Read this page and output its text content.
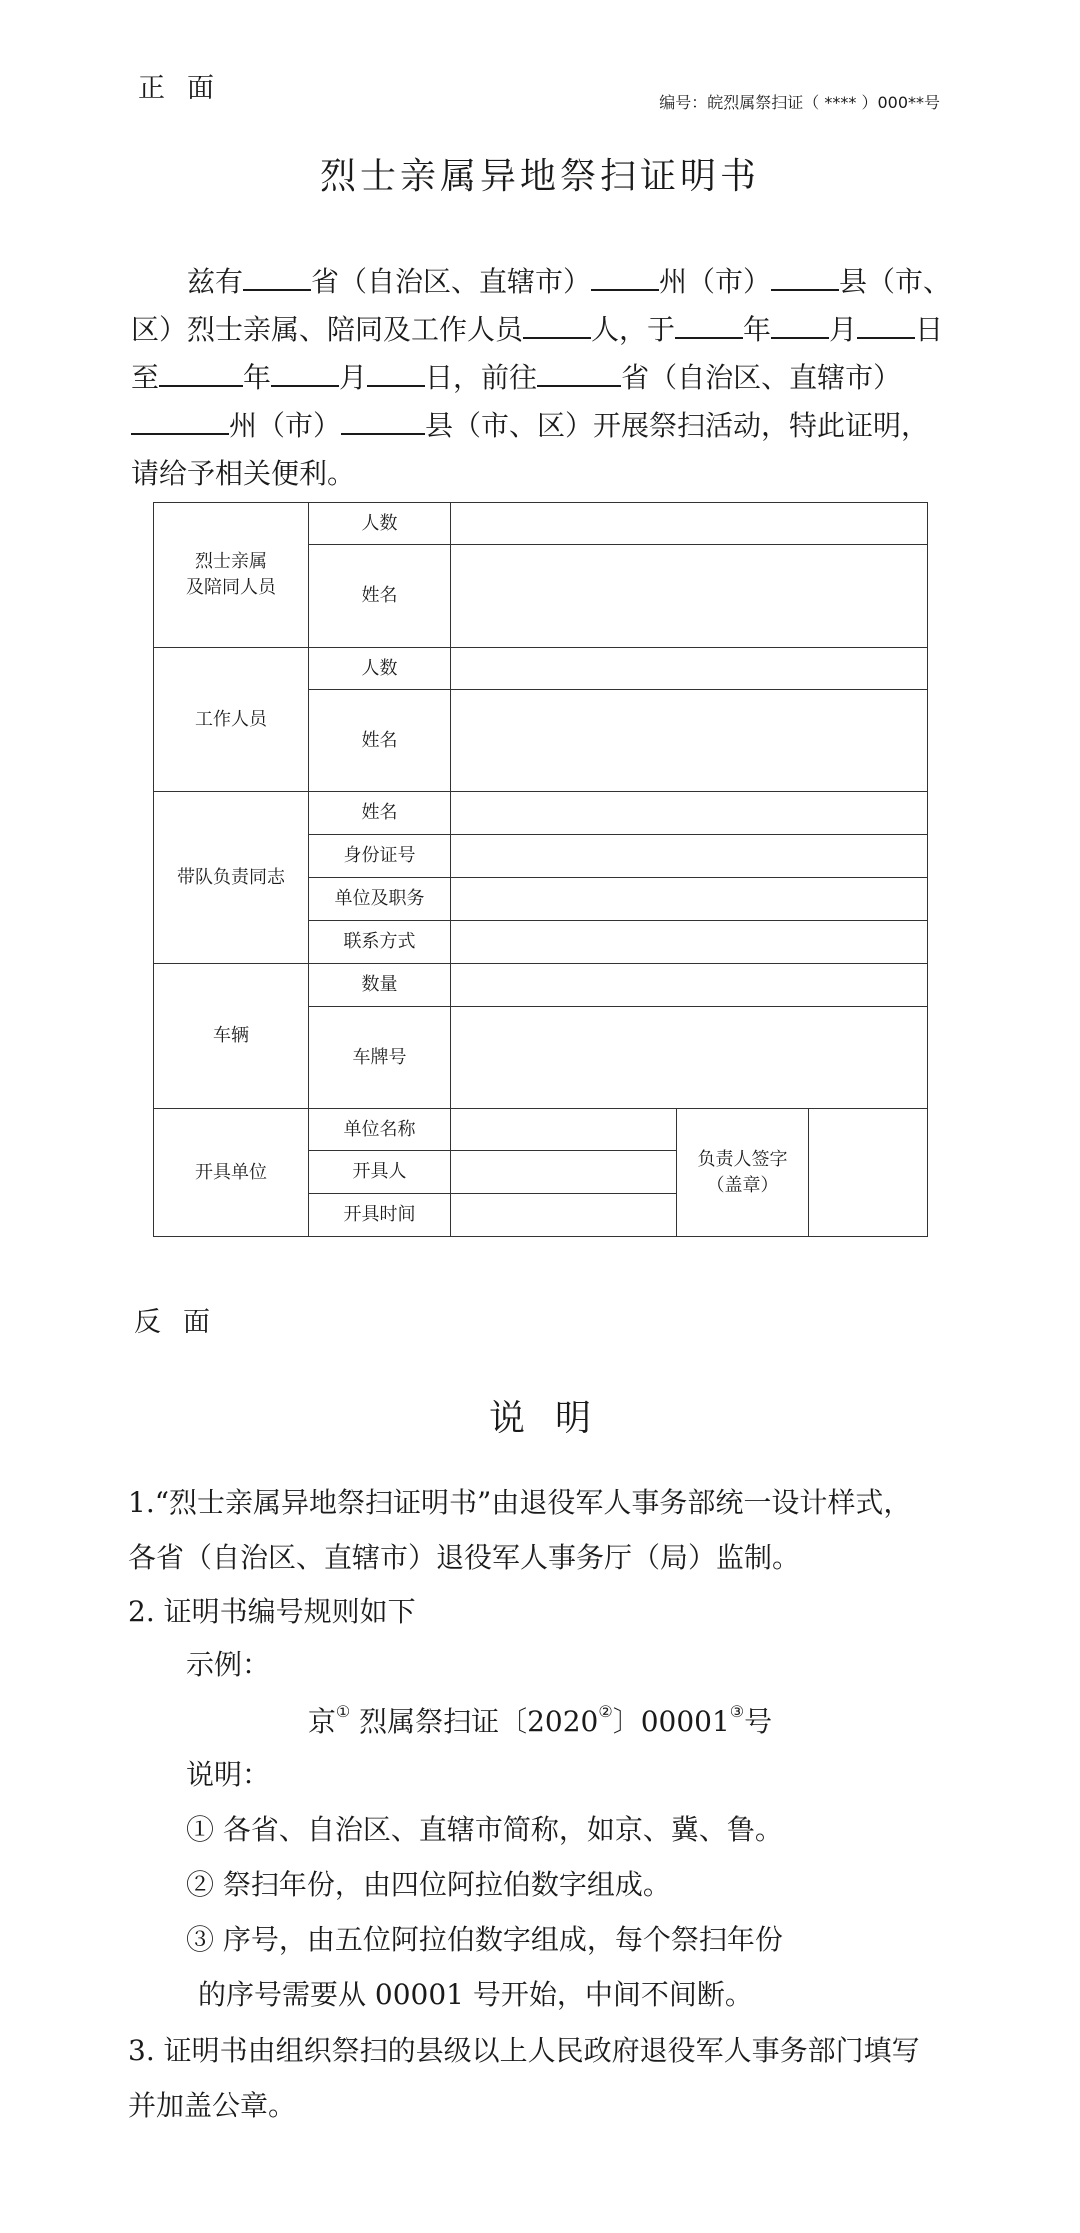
正面	编号：皖烈属祭扫证（ **** ）000**号
烈士亲属异地祭扫证明书
兹有 省（自治区、直辖市） 州（市） 县（市、
区）烈士亲属、陪同及工作人员 人，于 年 月 日
至	年 月 日，前往	省（自治区、直辖市）
州（市）	县（市、区）开展祭扫活动，特此证明，
请给予相关便利。
烈士亲属
及陪同人员	人数			
	姓名			
工作人员	人数			
	姓名			
带队负责同志	姓名			
	身份证号			
	单位及职务			
	联系方式			
车辆	数量			
	车牌号			
开具单位	单位名称		负责人签字
（盖章）	

	开具人			
	开具时间			
反面
说明
1.“烈士亲属异地祭扫证明书”由退役军人事务部统一设计样式，
各省（自治区、直辖市）退役军人事务厅（局）监制。
2. 证明书编号规则如下
示例：
京① 烈属祭扫证〔2020②〕00001③号
说明：
① 各省、自治区、直辖市简称，如京、冀、鲁。
② 祭扫年份，由四位阿拉伯数字组成。
③ 序号，由五位阿拉伯数字组成，每个祭扫年份
的序号需要从 00001 号开始，中间不间断。
3. 证明书由组织祭扫的县级以上人民政府退役军人事务部门填写
并加盖公章。
